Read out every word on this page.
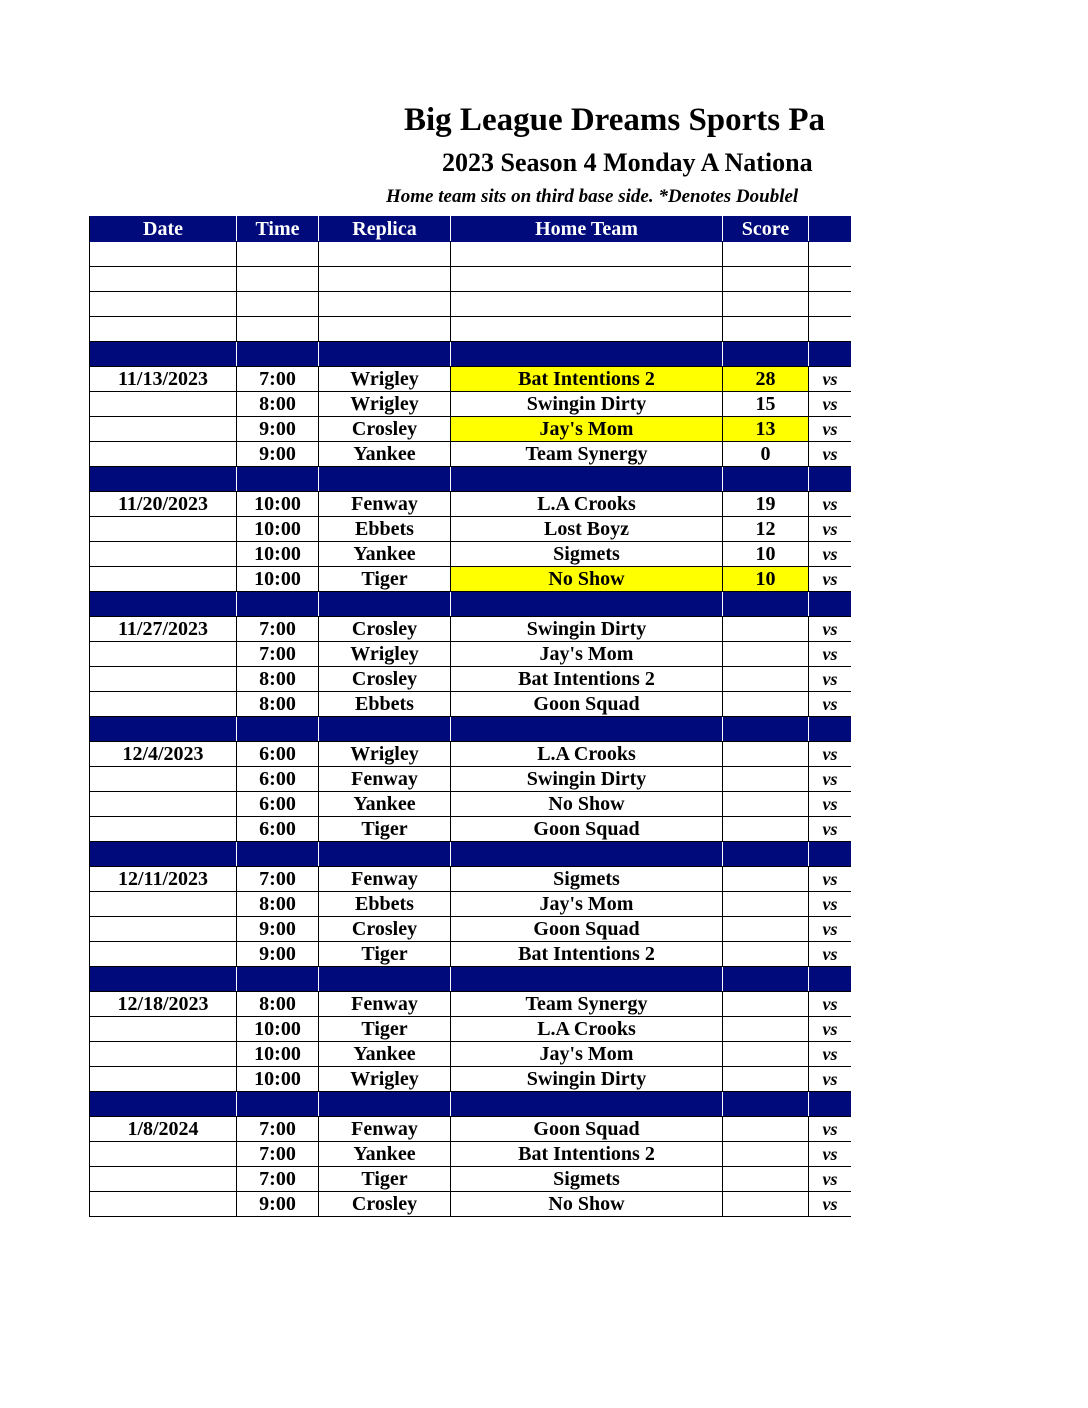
Big League Dreams Sports Pa
2023 Season 4 Monday A Nationa
Home team sits on third base side. *Denotes Doublel
Date	Time	Replica	Home Team	Score	

11/13/2023	7:00	Wrigley	Bat Intentions 2	28	vs
	8:00	Wrigley	Swingin Dirty	15	vs
	9:00	Crosley	Jay's Mom	13	vs
	9:00	Yankee	Team Synergy	0	vs

11/20/2023	10:00	Fenway	L.A Crooks	19	vs
	10:00	Ebbets	Lost Boyz	12	vs
	10:00	Yankee	Sigmets	10	vs
	10:00	Tiger	No Show	10	vs

11/27/2023	7:00	Crosley	Swingin Dirty		vs
	7:00	Wrigley	Jay's Mom		vs
	8:00	Crosley	Bat Intentions 2		vs
	8:00	Ebbets	Goon Squad		vs

12/4/2023	6:00	Wrigley	L.A Crooks		vs
	6:00	Fenway	Swingin Dirty		vs
	6:00	Yankee	No Show		vs
	6:00	Tiger	Goon Squad		vs

12/11/2023	7:00	Fenway	Sigmets		vs
	8:00	Ebbets	Jay's Mom		vs
	9:00	Crosley	Goon Squad		vs
	9:00	Tiger	Bat Intentions 2		vs

12/18/2023	8:00	Fenway	Team Synergy		vs
	10:00	Tiger	L.A Crooks		vs
	10:00	Yankee	Jay's Mom		vs
	10:00	Wrigley	Swingin Dirty		vs

1/8/2024	7:00	Fenway	Goon Squad		vs
	7:00	Yankee	Bat Intentions 2		vs
	7:00	Tiger	Sigmets		vs
	9:00	Crosley	No Show		vs
